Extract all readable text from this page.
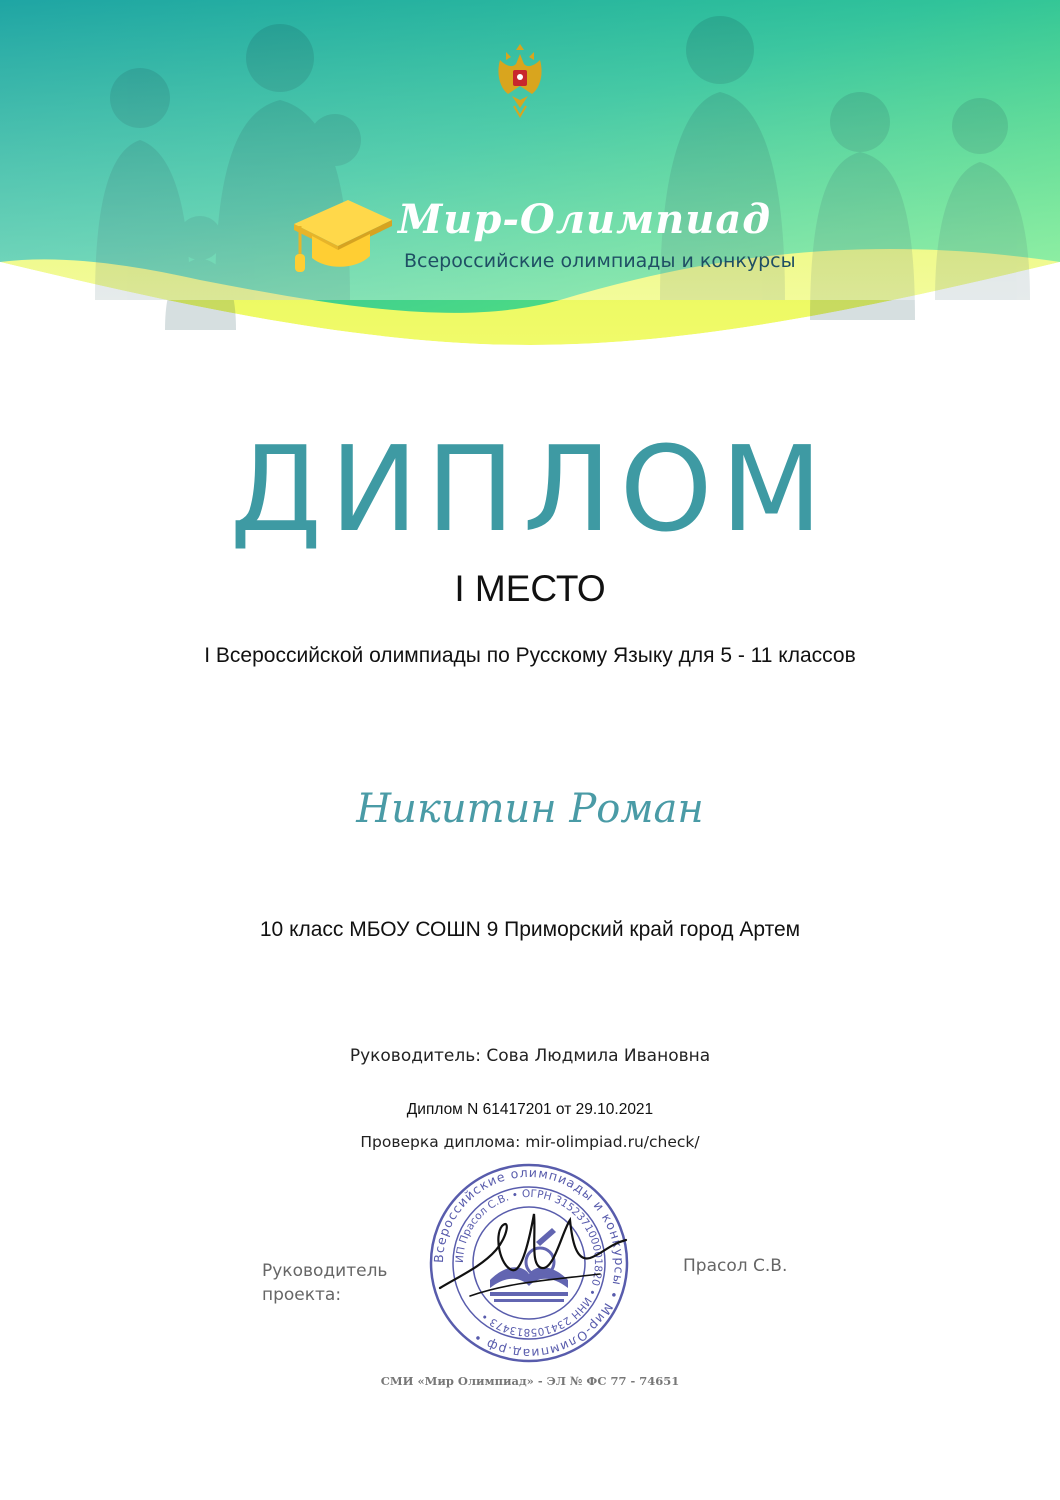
Мир-Олимпиад
Всероссийские олимпиады и конкурсы
ДИПЛОМ
I МЕСТО
I Всероссийской олимпиады по Русскому Языку для 5 - 11 классов
Никитин Роман
10 класс МБОУ СОШN 9 Приморский край город Артем
Руководитель: Сова Людмила Ивановна
Диплом N 61417201 от 29.10.2021
Проверка диплома: mir-olimpiad.ru/check/
Руководитель проекта:
Прасол С.В.
Всероссийские олимпиады и конкурсы • Мир-Олимпиад.рф •
ИП Прасол С.В. • ОГРН 315237100001820 • ИНН 234105813473 •
СМИ «Мир Олимпиад» - ЭЛ № ФС 77 - 74651
